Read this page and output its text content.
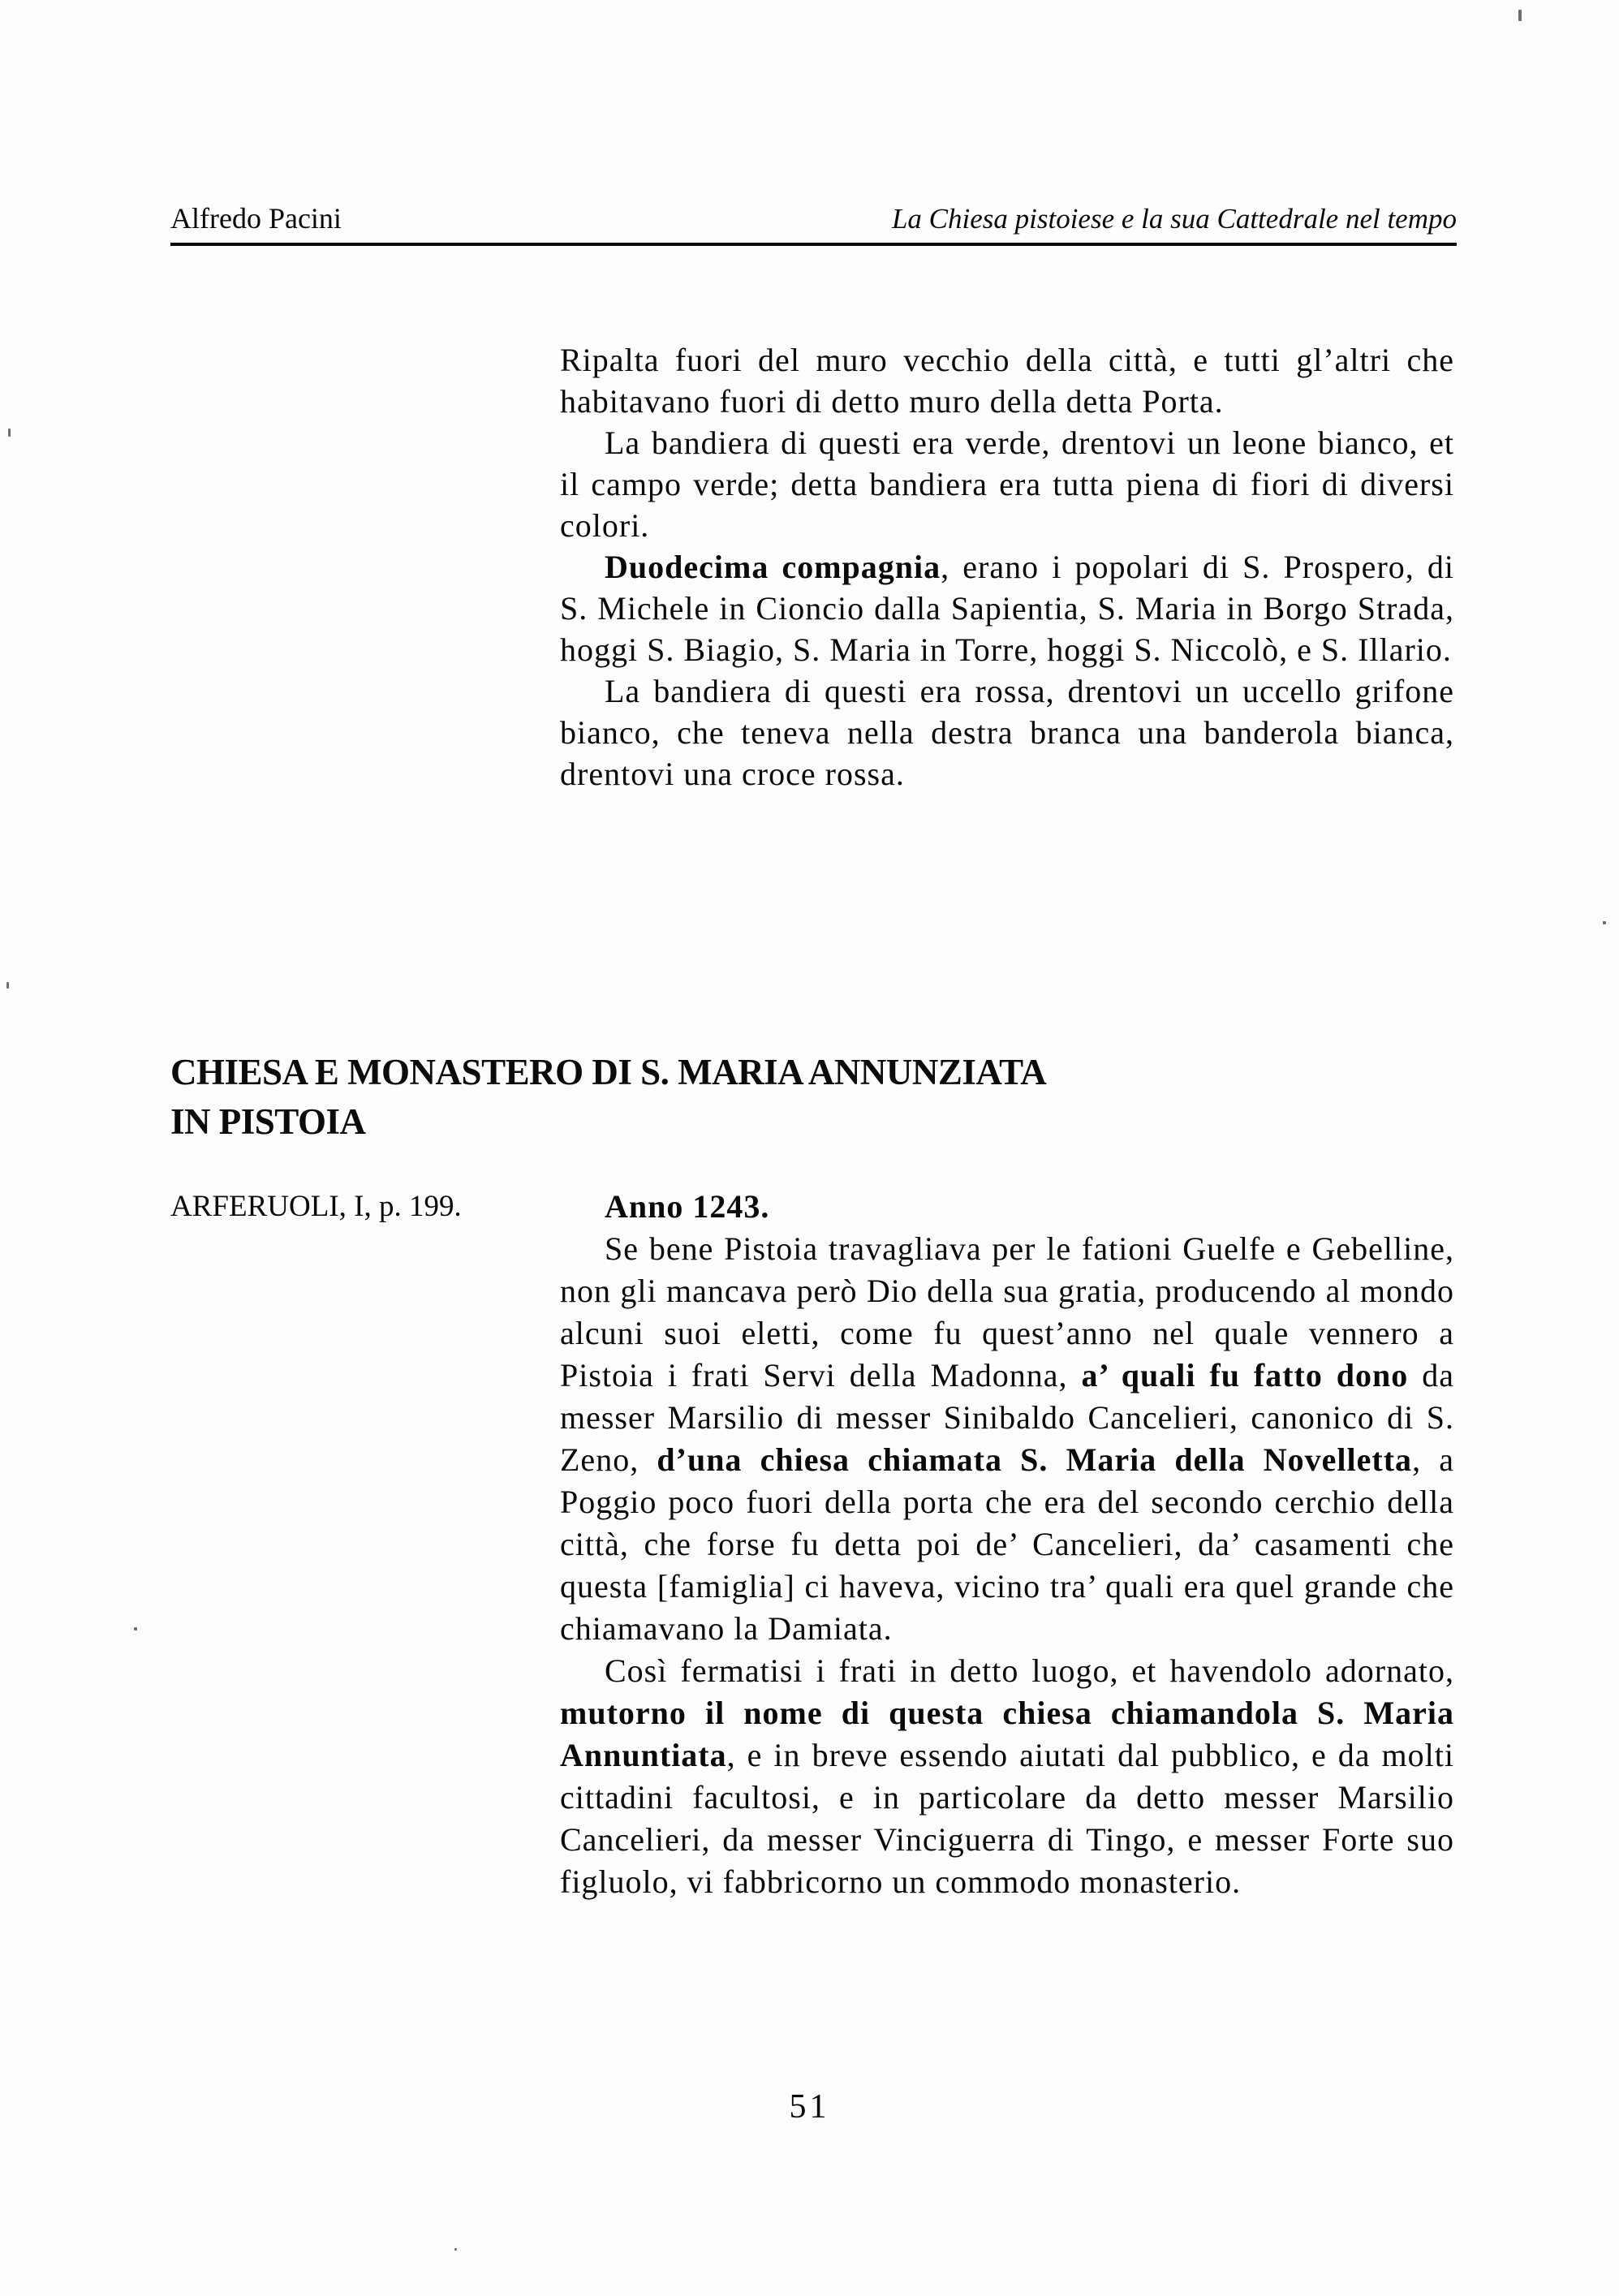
Alfredo Pacini	La Chiesa pistoiese e la sua Cattedrale nel tempo

Ripalta fuori del muro vecchio della città, e tutti gl’altri che habitavano fuori di detto muro della detta Porta.

La bandiera di questi era verde, drentovi un leone bianco, et il campo verde; detta bandiera era tutta piena di fiori di diversi colori.

Duodecima compagnia, erano i popolari di S. Prospero, di S. Michele in Cioncio dalla Sapientia, S. Maria in Borgo Strada, hoggi S. Biagio, S. Maria in Torre, hoggi S. Niccolò, e S. Illario.

La bandiera di questi era rossa, drentovi un uccello grifone bianco, che teneva nella destra branca una banderola bianca, drentovi una croce rossa.

CHIESA E MONASTERO DI S. MARIA ANNUNZIATA
IN PISTOIA
ARFERUOLI, I, p. 199.	Anno 1243.

Se bene Pistoia travagliava per le fationi Guelfe e Gebelline, non gli mancava però Dio della sua gratia, producendo al mondo alcuni suoi eletti, come fu quest’anno nel quale vennero a Pistoia i frati Servi della Madonna, a’ quali fu fatto dono da messer Marsilio di messer Sinibaldo Cancelieri, canonico di S. Zeno, d’una chiesa chiamata S. Maria della Novelletta, a Poggio poco fuori della porta che era del secondo cerchio della città, che forse fu detta poi de’ Cancelieri, da’ casamenti che questa [famiglia] ci haveva, vicino tra’ quali era quel grande che chiamavano la Damiata.

Così fermatisi i frati in detto luogo, et havendolo adornato, mutorno il nome di questa chiesa chiamandola S. Maria Annuntiata, e in breve essendo aiutati dal pubblico, e da molti cittadini facultosi, e in particolare da detto messer Marsilio Cancelieri, da messer Vinciguerra di Tingo, e messer Forte suo figluolo, vi fabbricorno un commodo monasterio.

51
